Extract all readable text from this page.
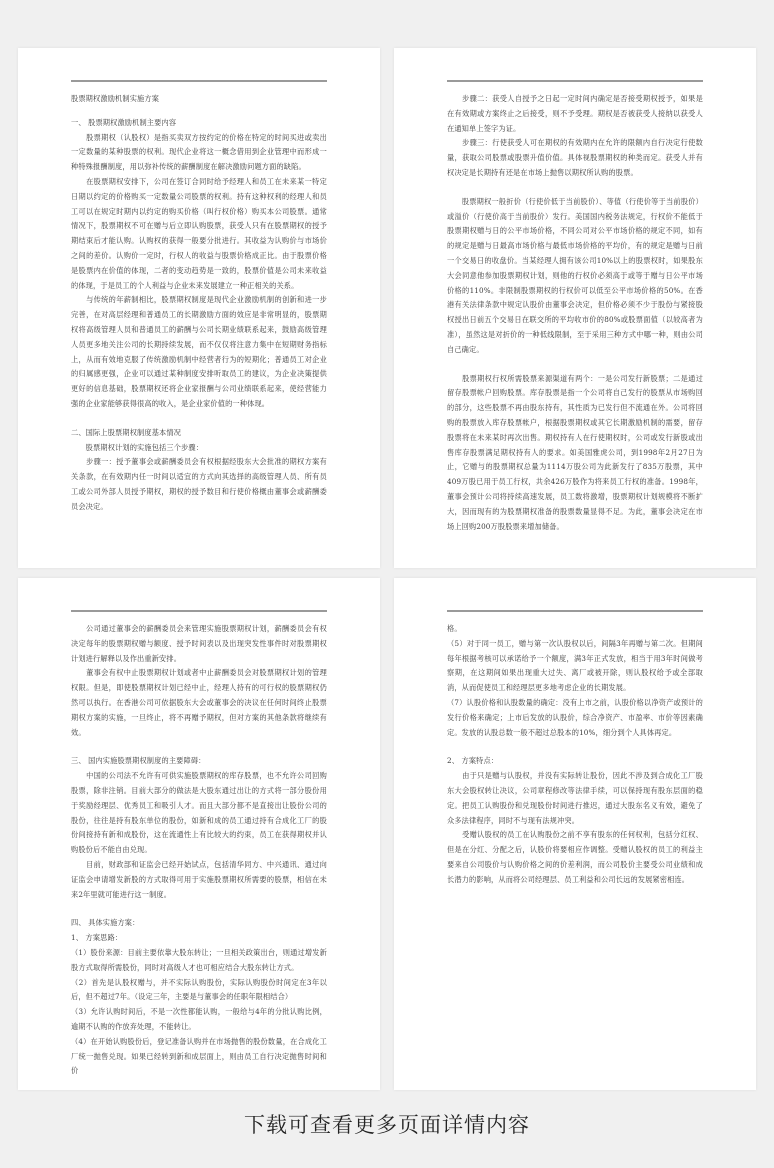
股票期权激励机制实施方案

一、 股票期权激励机制主要内容

　　股票期权（认股权）是指买卖双方按约定的价格在特定的时间买进或卖出一定数量的某种股票的权利。现代企业将这一概念借用到企业管理中而形成一种特殊报酬制度，用以弥补传统的薪酬制度在解决激励问题方面的缺陷。

　　在股票期权安排下，公司在签订合同时给予经理人和员工在未来某一特定日期以约定的价格购买一定数量公司股票的权利。持有这种权利的经理人和员工可以在规定时期内以约定的购买价格（叫行权价格）购买本公司股票。通常情况下，股票期权不可在赠与后立即认购股票，获受人只有在股票期权的授予期结束后才能认购。认购权的获得一般要分批进行。其收益为认购价与市场价之间的差价。认购价一定时，行权人的收益与股票价格成正比。由于股票价格是股票内在价值的体现，二者的变动趋势是一致的，股票价值是公司未来收益的体现，于是员工的个人利益与企业未来发展建立一种正相关的关系。

　　与传统的年薪制相比，股票期权制度是现代企业激励机制的创新和进一步完善，在对高层经理和普通员工的长期激励方面的效应是非常明显的，股票期权将高级管理人员和普通员工的薪酬与公司长期业绩联系起来，鼓励高级管理人员更多地关注公司的长期持续发展，而不仅仅将注意力集中在短期财务指标上，从而有效地克服了传统激励机制中经营者行为的短期化；普通员工对企业的归属感更强，企业可以通过某种制度安排听取员工的建议，为企业决策提供更好的信息基础，股票期权还将企业家报酬与公司业绩联系起来，使经营能力强的企业家能够获得很高的收入，是企业家价值的一种体现。

二、国际上股票期权制度基本情况

　　股票期权计划的实施包括三个步骤：

　　步骤一：授予董事会或薪酬委员会有权根据经股东大会批准的期权方案有关条款，在有效期内任一时间以适宜的方式向其选择的高级管理人员、所有员工或公司外部人员授予期权，期权的授予数目和行使价格概由董事会或薪酬委员会决定。

　　步骤二：获受人自授予之日起一定时间内确定是否接受期权授予，如果是在有效期或方案终止之后接受，则不予受理。期权是否被获受人接纳以获受人在通知单上签字为证。

　　步骤三：行使获受人可在期权的有效期内在允许的限额内自行决定行使数量，获取公司股票或股票升值价值。具体视股票期权的种类而定。获受人并有权决定是长期持有还是在市场上抛售以期权所认购的股票。

　　股票期权一般折价（行使价低于当前股价）、等值（行使价等于当前股价）或溢价（行使价高于当前股价）发行。美国国内税务法规定，行权价不能低于股票期权赠与日的公平市场价格，不同公司对公平市场价格的规定不同，如有的规定是赠与日最高市场价格与最低市场价格的平均价，有的规定是赠与日前一个交易日的收盘价。当某经理人拥有该公司10%以上的股票权时，如果股东大会同意他参加股票期权计划，则他的行权价必须高于或等于赠与日公平市场价格的110%。非限制股票期权的行权价可以低至公平市场价格的50%。在香港有关法律条款中规定认股价由董事会决定，但价格必须不少于股份与紧接股权授出日前五个交易日在联交所的平均收市价的80%或股票面值（以较高者为准），虽然这是对折价的一种低线限制，至于采用三种方式中哪一种，则由公司自己确定。

　　股票期权行权所需股票来源渠道有两个：一是公司发行新股票；二是通过留存股票帐户回购股票。库存股票是指一个公司将自己发行的股票从市场购回的部分，这些股票不再由股东持有，其性质为已发行但不流通在外。公司将回购的股票放入库存股票帐户，根据股票期权或其它长期激励机制的需要，留存股票将在未来某时再次出售。期权持有人在行使期权时，公司或发行新股或出售库存股票满足期权持有人的要求。如美国雅虎公司，到1998年2月27日为止，它赠与的股票期权总量为1114万股公司为此新发行了835万股票，其中409万股已用于员工行权，共余426万股作为将来员工行权的准备。1998年，董事会预计公司将持续高速发展，员工数将激增，股票期权计划规模将不断扩大，因而现有的为股票期权准备的股票数量显得不足。为此，董事会决定在市场上回购200万股股票来增加储备。

　　公司通过董事会的薪酬委员会来管理实施股票期权计划，薪酬委员会有权决定每年的股票期权赠与额度、授予时间表以及出现突发性事件时对股票期权计划进行解释以及作出重新安排。

　　董事会有权中止股票期权计划或者中止薪酬委员会对股票期权计划的管理权限。但是，即使股票期权计划已经中止，经理人持有的可行权的股票期权仍然可以执行。在香港公司可依据股东大会或董事会的决议在任何时间终止股票期权方案的实施，一旦终止，将不再赠予期权，但对方案的其他条款将继续有效。

三、 国内实施股票期权制度的主要障碍：

　　中国的公司法不允许有可供实施股票期权的库存股票，也不允许公司回购股票，除非注销。目前大部分的做法是大股东通过出让的方式将一部分股份用于奖励经理层、优秀员工和吸引人才。而且大部分都不是直接出让股份公司的股份，往往是持有股东单位的股份，如新和成的员工通过持有合成化工厂的股份间接持有新和成股份，这在流通性上有比较大的约束，员工在获得期权并认购股份后不能自由兑现。

　　目前，财政部和证监会已经开始试点，包括清华同方、中兴通讯、通过向证监会申请增发新股的方式取得可用于实施股票期权所需要的股票，相信在未来2年里就可能进行这一制度。

四、 具体实施方案：

1、 方案思路：

（1）股份来源：目前主要依靠大股东转让；一旦相关政策出台，则通过增发新股方式取得所需股份，同时对高级人才也可相应结合大股东转让方式。

（2）首先是认股权赠与，并不实际认购股份，实际认购股份时间定在3年以后，但不超过7年。（设定三年，主要是与董事会的任职年限相结合）

（3）允许认购时间后，不是一次性都能认购，一般给与4年的分批认购比例，逾期不认购的作放弃处理，不能转让。

（4）在开始认购股份后，登记准备认购并在市场抛售的股份数量，在合成化工厂统一抛售兑现。如果已经转到新和成层面上，则由员工自行决定抛售时间和价

格。

（5）对于同一员工，赠与第一次认股权以后，间隔3年再赠与第二次。但期间每年根据考核可以承诺给予一个额度，满3年正式发放，相当于用3年时间做考察期，在这期间如果出现重大过失、离厂或被开除，则认股权给予或全部取消，从而促使员工和经理层更多地考虑企业的长期发展。

（7）认股价格和认股数量的确定：没有上市之前，认股价格以净资产或预计的发行价格来确定；上市后发放的认股价，综合净资产、市盈率、市价等因素确定。发放的认股总数一般不超过总股本的10%，细分到个人具体再定。

2、 方案特点：

　　由于只是赠与认股权，并没有实际转让股份，因此不涉及到合成化工厂股东大会股权转让决议，公司章程修改等法律手续，可以保持现有股东层面的稳定。把员工认购股份和兑现股份时间进行推迟，通过大股东名义有效，避免了众多法律程序，同时不与现有法规冲突。

　　受赠认股权的员工在认购股份之前不享有股东的任何权利，包括分红权、但是在分红、分配之后，认股价将要相应作调整。受赠认股权的员工的利益主要来自公司股价与认购价格之间的价差利润，而公司股价主要受公司业绩和成长潜力的影响，从而将公司经理层、员工利益和公司长远的发展紧密相连。

下载可查看更多页面详情内容
